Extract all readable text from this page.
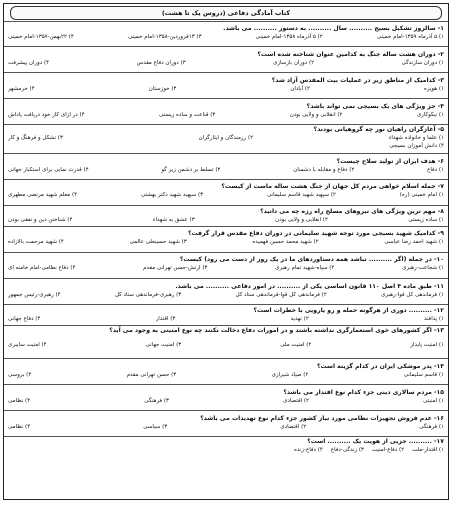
کتاب آمادگی دفاعی (دروس یک تا هشت)
۱- سالروز تشکیل بسیج .......... سال .......... به دستور .......... می باشد.
۱) ۵ آذرماه ۱۳۵۹-امام خمینی
۲) ۵ آذرماه ۱۳۵۸-امام خمینی
۳) ۱۳فروردین-۱۳۵۸-امام خمینی
۴) ۲۲بهمن-۱۳۵۷-امام خمینی
۲- دوران هشت ساله جنگ به کدامین عنوان شناخته شده است؟
۱) دوران سازندگی
۲) دوران بازسازی
۳) دوران دفاع مقدس
۴) دوران پیشرفت
۳- کدامیک از مناطق زیر در عملیات بیت المقدس آزاد شد؟
۱) هویزه
۲) آبادان
۳) خوزستان
۴) خرمشهر
۴- جز ویژگی های یک بسیجی نمی تواند باشد؟
۱) نیکوکاری
۲) انقلابی و ولایی بودن
۳) قناعت و ساده زیستی
۴) در ازای کار خود دریافت پاداش
۵- آغازگران راهیان نور چه گروهیانی بودند؟
۱) علما و خانواده شهداء
۲) رزمندگان و ایثارگران
۳) تشکل و فرهنگ و کار
۴) دانش آموزان بسیجی
۶- هدف ایران از تولید سلاح چیست؟
۱) دفاع
۲) دفاع و مقابله با دشمنان
۳) تسلط بر دشمن زیر گو
۴) قدرت نمایی برای استکبار جهانی
۷- جمله اسلام خواهی مردم کل جهان از جنگ هشت ساله ماست از کیست؟
۱) امام خمینی (ره)
۲) سپهبد شهید قاسم سلیمانی
۳) سپهبد شهید دکتر بهشتی
۴) معلم شهید مرتضی مطهری
۸- مهم ترین ویژگی های نیروهای مسلح راه رزه چه می دانید؟
۱) ساده زیستی
۲) انقلابی و ولایی بودن
۳) عشق به شهداء
۴) شناختن دین و نفقی بودن
۹- کدامیک شهید بسیجی مورد توجه شهید سلیمانی در دوران دفاع مقدس قرار گرفت؟
۱) شهید احمد رضا عباسی
۲) شهید محمد حسین فهمیده
۳) شهید حسینعلی عالمی
۴) شهید مرحمت بالازاده
۱۰- در جمله (اگر .......... نباشد همه دستاوردهای ما در یک روز از دست می رود) کیست؟
۱) شجاعت-رهبری
۲) سپاه-شهید تمام رهبری
۳) ارتش-حسن تهرانی مقدم
۴) دفاع نظامی-امام خامنه ای
۱۱- طبق ماده ۴ اصل ۱۱۰ قانون اساسی یکی از .......... در امور دفاعی .......... می باشد.
۱) فرماندهی کل قوا-رهبری
۲) فرماندهی کل قوا-فرماندهی ستاد کل
۳) رهبری-فرماندهی ستاد کل
۴) رهبری-رئیس جمهور
۱۲- .......... دوری از هرگونه حمله و رو یارویی با خطرات است؟
۱) پدافند
۲) تهدید
۳) اقتدار
۴) دفاع جهانی
۱۳- اگر کشورهای خوی استعمارگری نداشته باشند و در امورات دفاع دخالت نکنند چه نوع امنیتی به وجود می آید؟
۱) امنیت پایدار
۲) امنیت ملی
۳) امنیت جهانی
۴) امنیت سایبری
۱۴- پدر موشکی ایران در کدام گزینه است؟
۱) قاسم سلیمانی
۲) صیاد شیرازی
۳) حسن تهرانی مقدم
۴) بروسی
۱۵- مردم سالاری دینی جزء کدام نوع اقتدار می باشد؟
۱) امنیتی
۲) اقتصادی
۳) فرهنگی
۴) نظامی
۱۶- عدم فروش تجهیزات نظامی مورد نیاز کشور جزء کدام نوع تهدیدات می باشد؟
۱) فرهنگی
۲) اقتصادی
۳) سیاسی
۴) نظامی
۱۷- .......... جزیی از هویت یک .......... است؟
۱) اقتدار-ملت
۲) دفاع-امنیت
۳) زندگی-دفاع
۴) دفاع-زنده
